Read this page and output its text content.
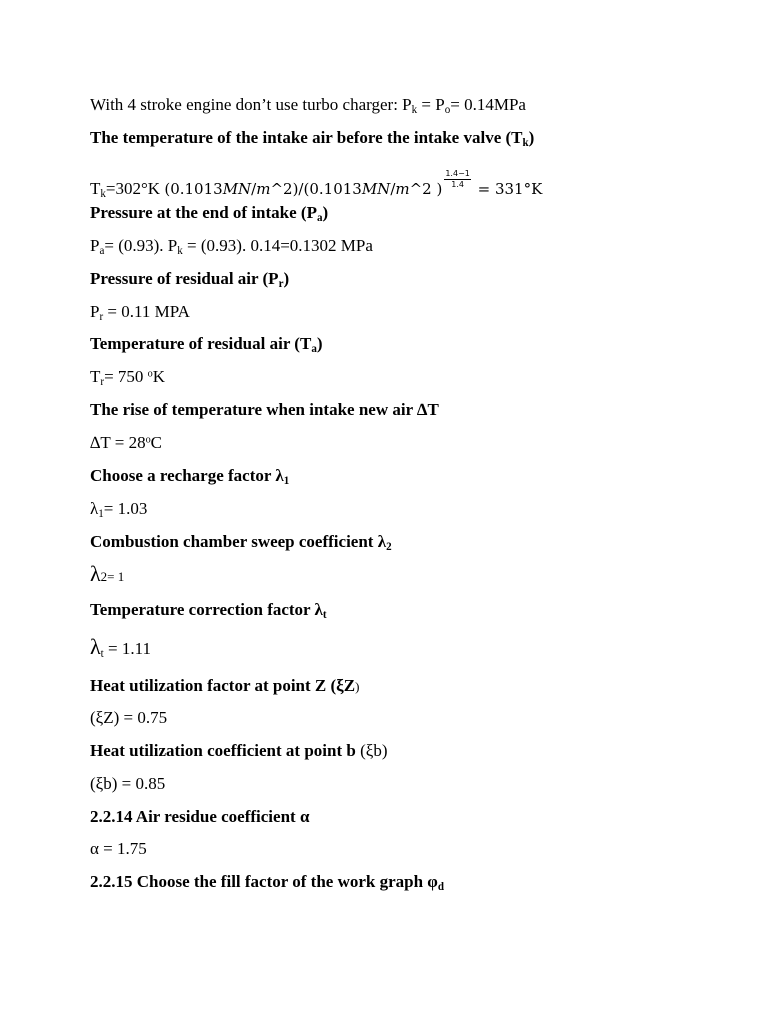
With 4 stroke engine don’t use turbo charger: $P_k = P_o= 0.14MPa$
The temperature of the intake air before the intake valve $(T_k)$
$T_k=302^\circ K$ (0.1013MN/m^2)/(0.1013MN/m^2 ) $\frac{1.4-1}{1.4} = 331^\circ K$
Pressure at the end of intake $(P_a)$
$P_a= (0.93)$. $P_k = (0.93)$. 0.14=0.1302 MPa
Pressure of residual air $(P_r)$
$P_r = 0.11$ MPA
Temperature of residual air $(T_a)$
$T_r= 750$ $^o$K
The rise of temperature when intake new air ∆T
$\Delta T = 28^oC$
Choose a recharge factor $\lambda_1$
$\lambda_1= 1.03$
Combustion chamber sweep coefficient $\lambda_2$
λ2= 1
Temperature correction factor $\lambda_t$
$\lambda_t = 1.11$
Heat utilization factor at point Z (ξZ)
(ξZ) = 0.75
Heat utilization coefficient at point b (ξb)
(ξb) = 0.85
2.2.14 Air residue coefficient α
α = 1.75
2.2.15 Choose the fill factor of the work graph $\varphi_d$
